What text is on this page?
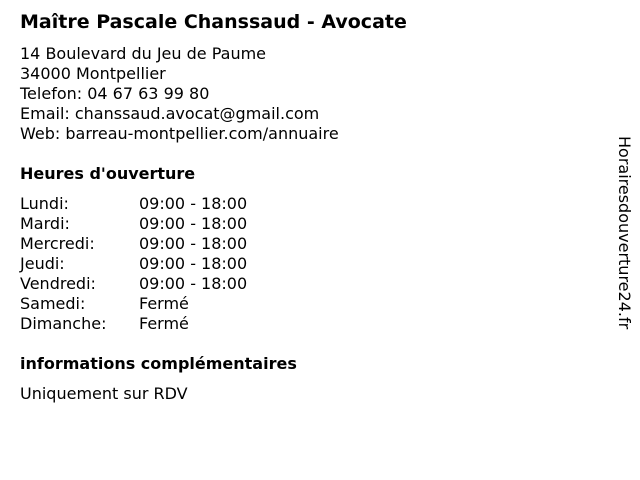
Maître Pascale Chanssaud - Avocate
14 Boulevard du Jeu de Paume
34000 Montpellier
Telefon: 04 67 63 99 80
Email: chanssaud.avocat@gmail.com
Web: barreau-montpellier.com/annuaire
Heures d'ouverture
Lundi:	09:00 - 18:00
Mardi:	09:00 - 18:00
Mercredi:	09:00 - 18:00
Jeudi:	09:00 - 18:00
Vendredi:	09:00 - 18:00
Samedi:	Fermé
Dimanche: Fermé
informations complémentaires
Uniquement sur RDV
Horairesdouverture24.fr
